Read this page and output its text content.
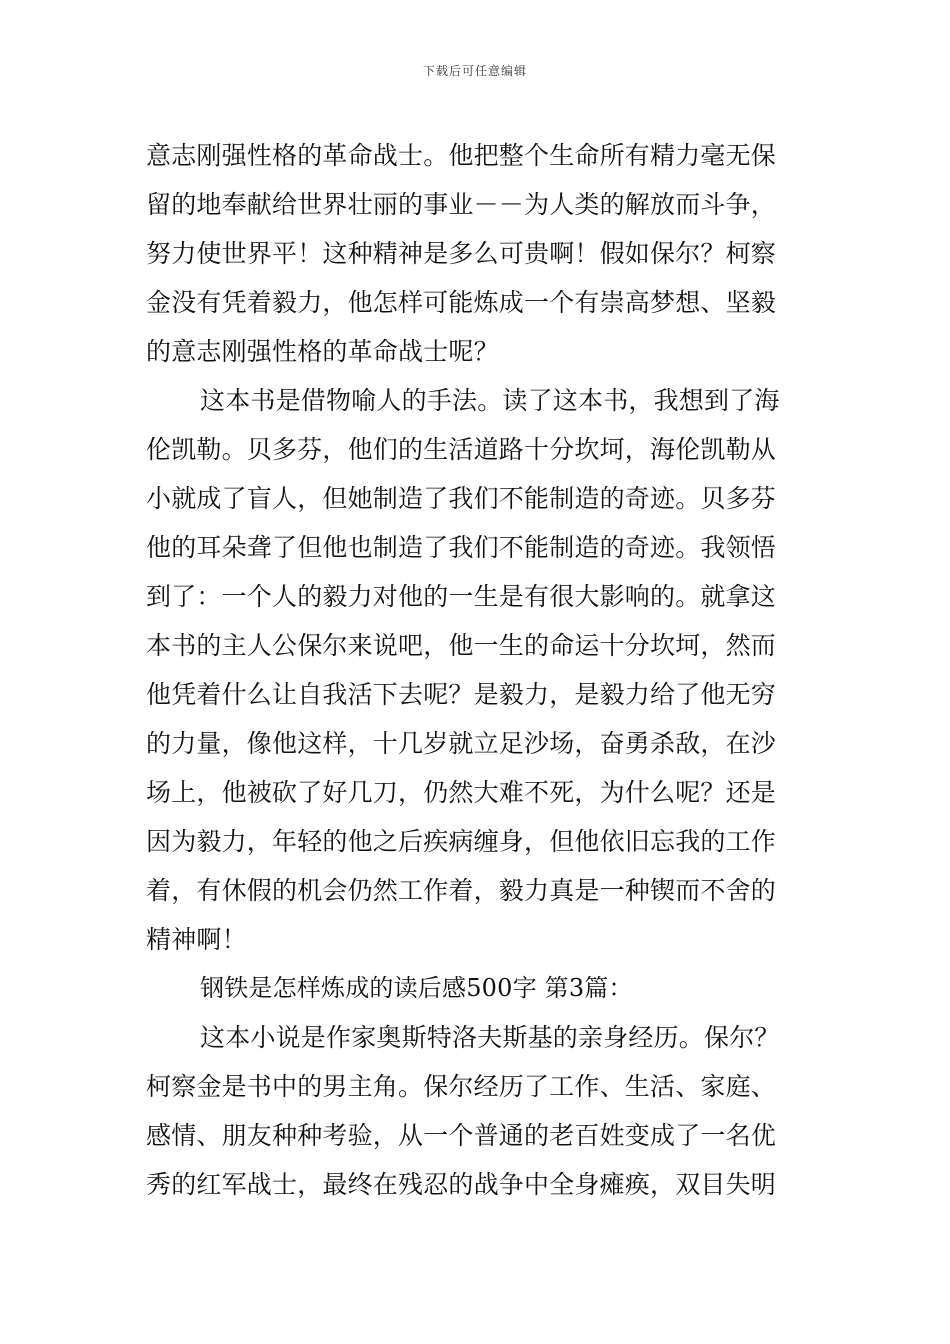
下载后可任意编辑
意志刚强性格的革命战士。他把整个生命所有精力毫无保
留的地奉献给世界壮丽的事业－－为人类的解放而斗争，
努力使世界平！这种精神是多么可贵啊！假如保尔？柯察
金没有凭着毅力，他怎样可能炼成一个有崇高梦想、坚毅
的意志刚强性格的革命战士呢？
这本书是借物喻人的手法。读了这本书，我想到了海
伦凯勒。贝多芬，他们的生活道路十分坎坷，海伦凯勒从
小就成了盲人，但她制造了我们不能制造的奇迹。贝多芬
他的耳朵聋了但他也制造了我们不能制造的奇迹。我领悟
到了：一个人的毅力对他的一生是有很大影响的。就拿这
本书的主人公保尔来说吧，他一生的命运十分坎坷，然而
他凭着什么让自我活下去呢？是毅力，是毅力给了他无穷
的力量，像他这样，十几岁就立足沙场，奋勇杀敌，在沙
场上，他被砍了好几刀，仍然大难不死，为什么呢？还是
因为毅力，年轻的他之后疾病缠身，但他依旧忘我的工作
着，有休假的机会仍然工作着，毅力真是一种锲而不舍的
精神啊！
钢铁是怎样炼成的读后感500字 第3篇：
这本小说是作家奥斯特洛夫斯基的亲身经历。保尔？
柯察金是书中的男主角。保尔经历了工作、生活、家庭、
感情、朋友种种考验，从一个普通的老百姓变成了一名优
秀的红军战士，最终在残忍的战争中全身瘫痪，双目失明
